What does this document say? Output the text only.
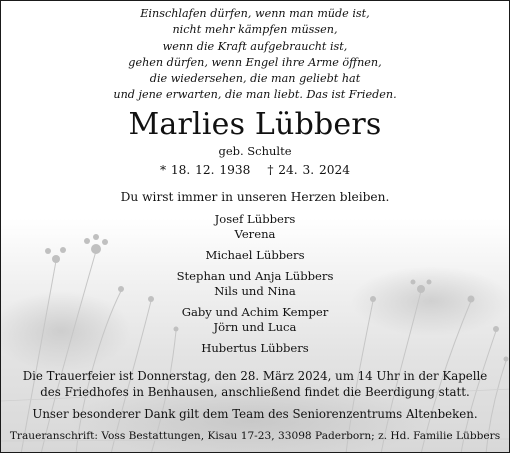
Einschlafen dürfen, wenn man müde ist,
nicht mehr kämpfen müssen,
wenn die Kraft aufgebraucht ist,
gehen dürfen, wenn Engel ihre Arme öffnen,
die wiedersehen, die man geliebt hat
und jene erwarten, die man liebt. Das ist Frieden.
Marlies Lübbers
geb. Schulte
* 18. 12. 1938 † 24. 3. 2024
Du wirst immer in unseren Herzen bleiben.
Josef Lübbers
Verena
Michael Lübbers
Stephan und Anja Lübbers
Nils und Nina
Gaby und Achim Kemper
Jörn und Luca
Hubertus Lübbers
Die Trauerfeier ist Donnerstag, den 28. März 2024, um 14 Uhr in der Kapelle
des Friedhofes in Benhausen, anschließend findet die Beerdigung statt.
Unser besonderer Dank gilt dem Team des Seniorenzentrums Altenbeken.
Traueranschrift: Voss Bestattungen, Kisau 17-23, 33098 Paderborn; z. Hd. Familie Lübbers
